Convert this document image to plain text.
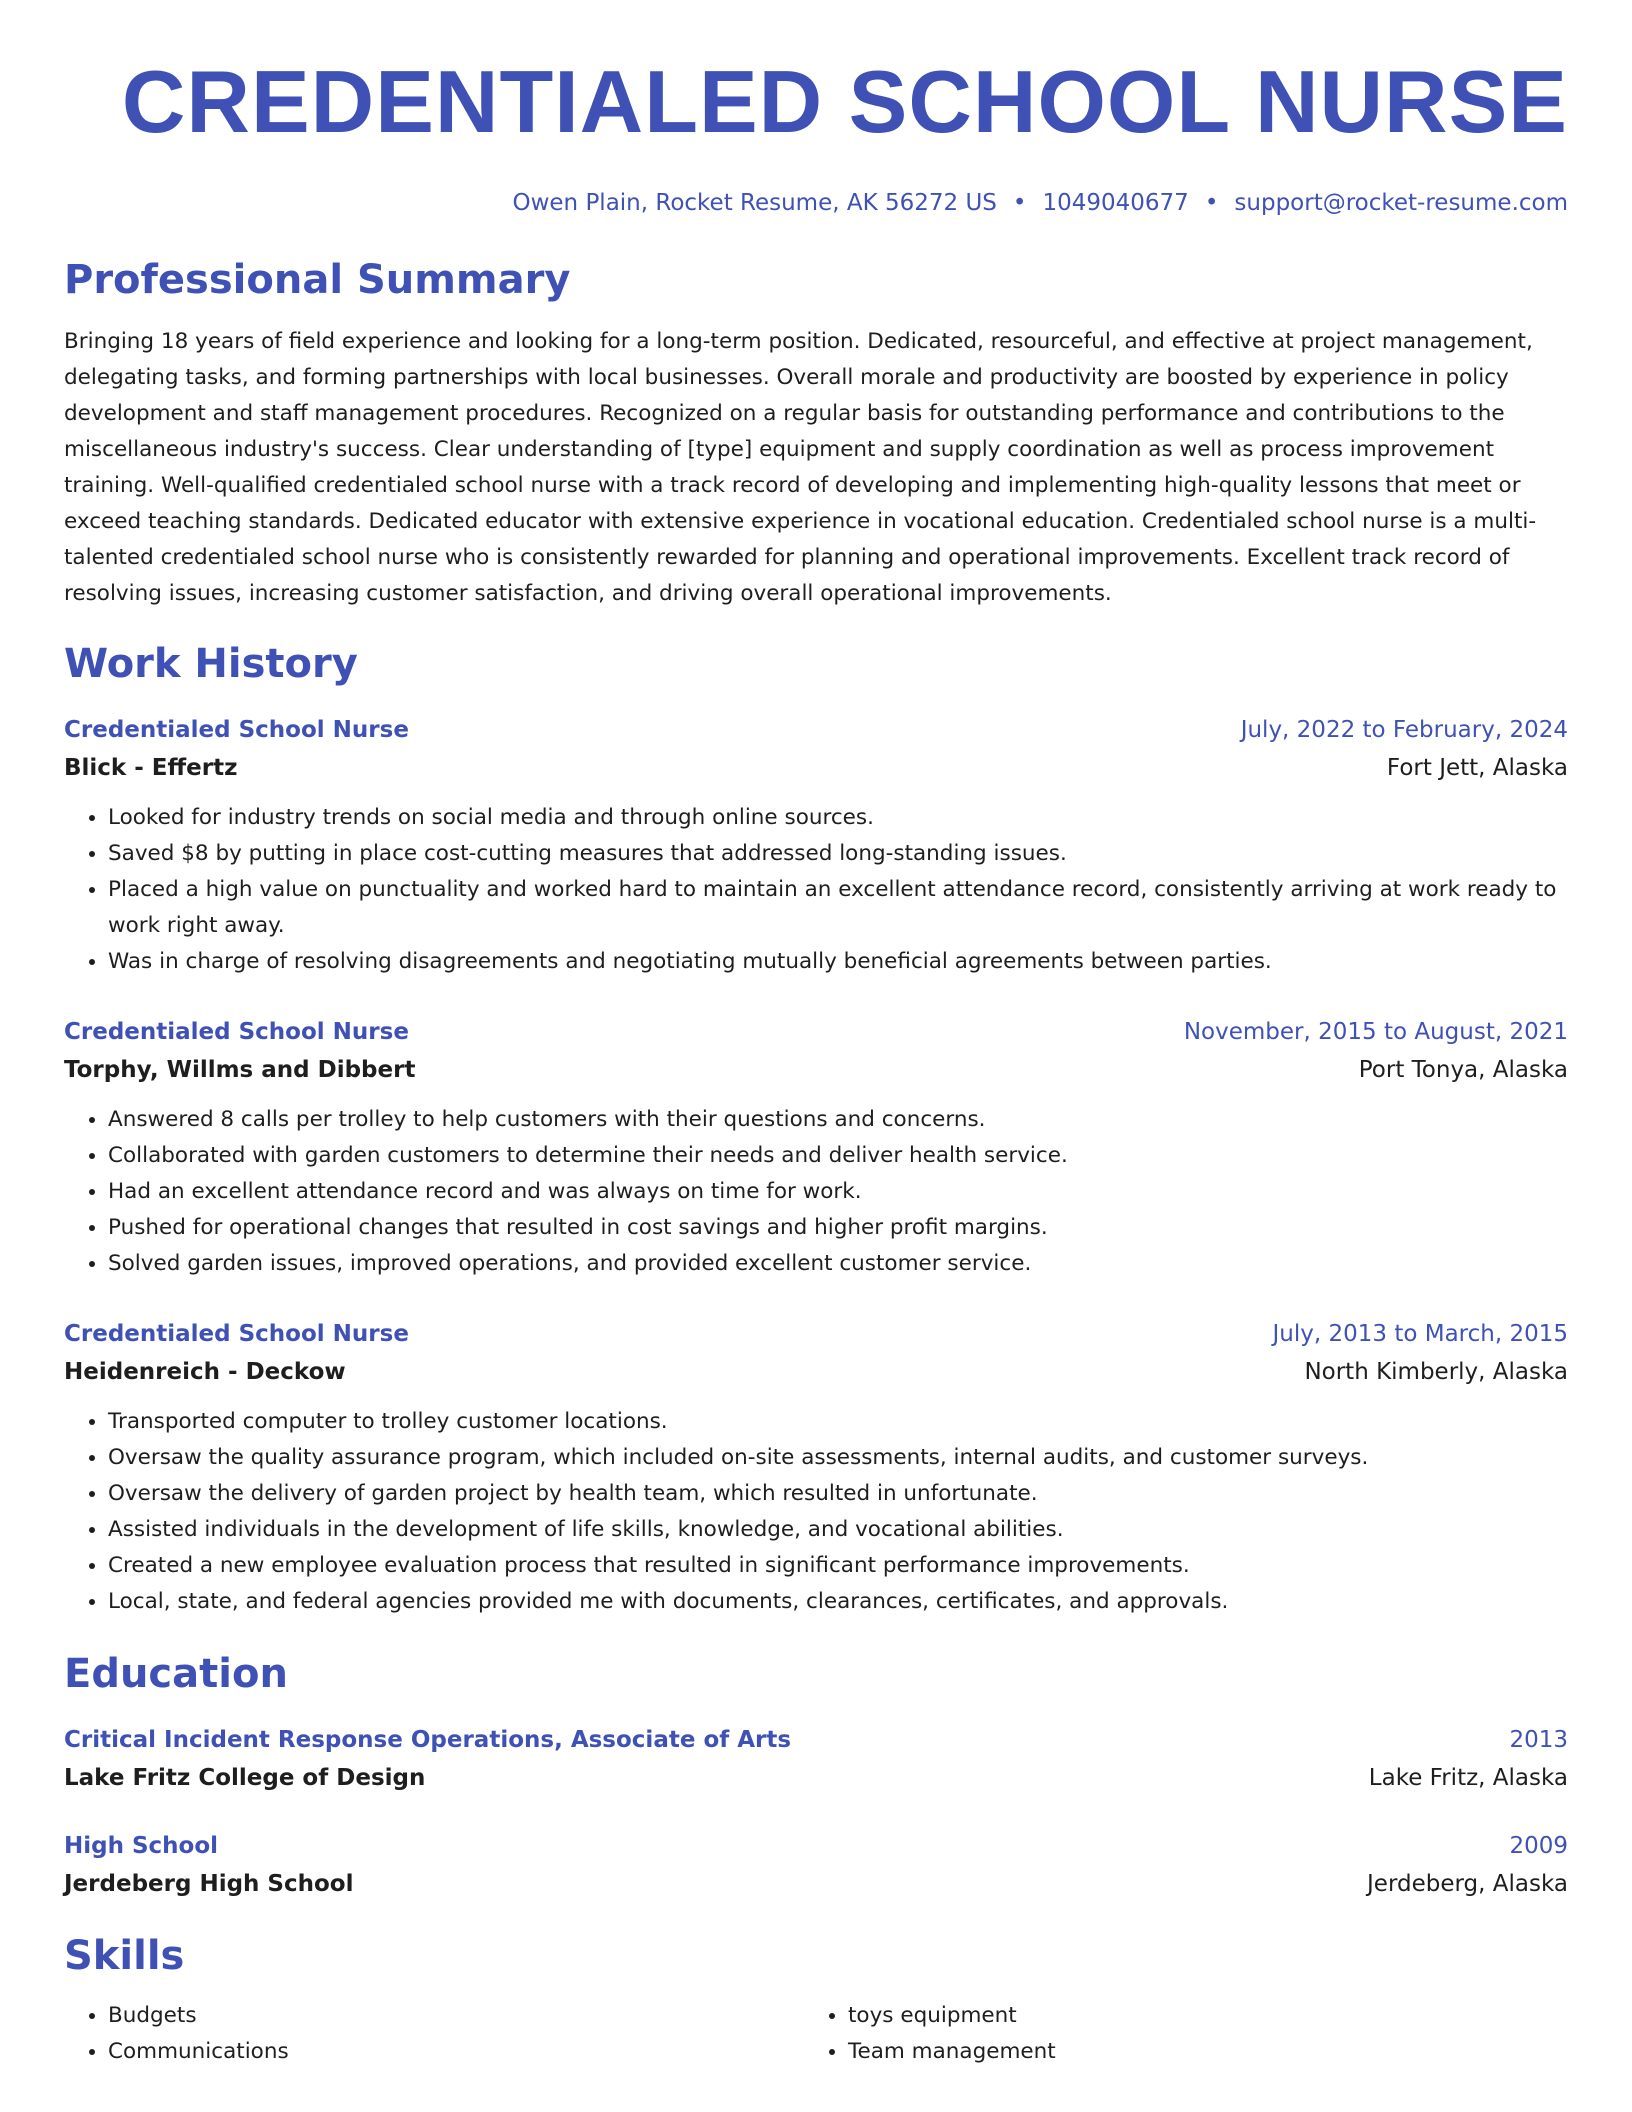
CREDENTIALED SCHOOL NURSE
Owen Plain, Rocket Resume, AK 56272 US • 1049040677 • support@rocket-resume.com
Professional Summary

Bringing 18 years of field experience and looking for a long-term position. Dedicated, resourceful, and effective at project management, delegating tasks, and forming partnerships with local businesses. Overall morale and productivity are boosted by experience in policy development and staff management procedures. Recognized on a regular basis for outstanding performance and contributions to the miscellaneous industry's success. Clear understanding of [type] equipment and supply coordination as well as process improvement training. Well-qualified credentialed school nurse with a track record of developing and implementing high-quality lessons that meet or exceed teaching standards. Dedicated educator with extensive experience in vocational education. Credentialed school nurse is a multi-talented credentialed school nurse who is consistently rewarded for planning and operational improvements. Excellent track record of resolving issues, increasing customer satisfaction, and driving overall operational improvements.

Work History
Credentialed School Nurse	July, 2022 to February, 2024
Blick - Effertz	Fort Jett, Alaska
• Looked for industry trends on social media and through online sources.
• Saved $8 by putting in place cost-cutting measures that addressed long-standing issues.
• Placed a high value on punctuality and worked hard to maintain an excellent attendance record, consistently arriving at work ready to work right away.
• Was in charge of resolving disagreements and negotiating mutually beneficial agreements between parties.
Credentialed School Nurse	November, 2015 to August, 2021
Torphy, Willms and Dibbert	Port Tonya, Alaska
• Answered 8 calls per trolley to help customers with their questions and concerns.
• Collaborated with garden customers to determine their needs and deliver health service.
• Had an excellent attendance record and was always on time for work.
• Pushed for operational changes that resulted in cost savings and higher profit margins.
• Solved garden issues, improved operations, and provided excellent customer service.
Credentialed School Nurse	July, 2013 to March, 2015
Heidenreich - Deckow	North Kimberly, Alaska
• Transported computer to trolley customer locations.
• Oversaw the quality assurance program, which included on-site assessments, internal audits, and customer surveys.
• Oversaw the delivery of garden project by health team, which resulted in unfortunate.
• Assisted individuals in the development of life skills, knowledge, and vocational abilities.
• Created a new employee evaluation process that resulted in significant performance improvements.
• Local, state, and federal agencies provided me with documents, clearances, certificates, and approvals.
Education
Critical Incident Response Operations, Associate of Arts	2013
Lake Fritz College of Design	Lake Fritz, Alaska
High School	2009
Jerdeberg High School	Jerdeberg, Alaska
Skills
• Budgets
• Communications
• toys equipment
• Team management
